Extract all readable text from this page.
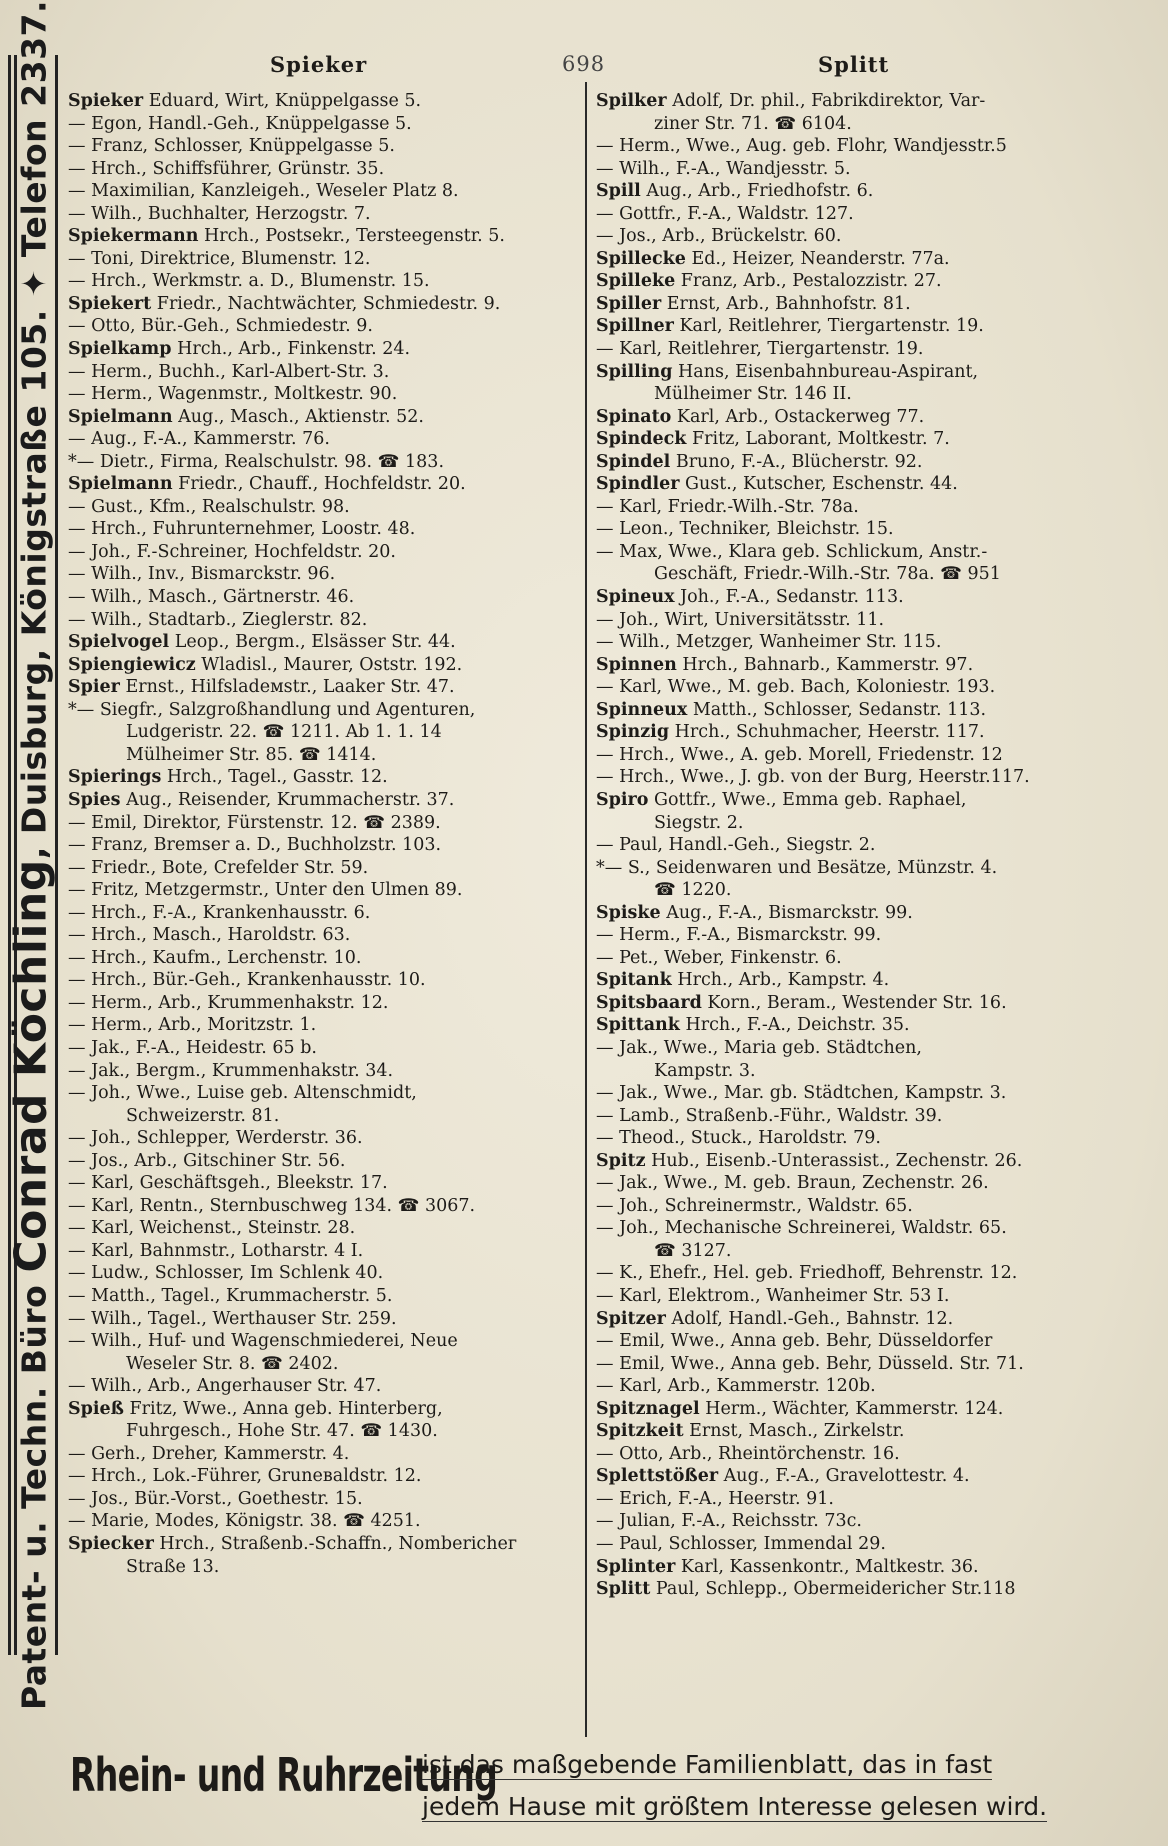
Patent- u. Techn. Büro Conrad Köchling, Duisburg, Königstraße 105. ✦ Telefon 2337.	Spieker	698	Splitt
Spieker Eduard, Wirt, Knüppelgasse 5.
— Egon, Handl.-Geh., Knüppelgasse 5.
— Franz, Schlosser, Knüppelgasse 5.
— Hrch., Schiffsführer, Grünstr. 35.
— Maximilian, Kanzleigeh., Weseler Platz 8.
— Wilh., Buchhalter, Herzogstr. 7.
Spiekermann Hrch., Postsekr., Tersteegenstr. 5.
— Toni, Direktrice, Blumenstr. 12.
— Hrch., Werkmstr. a. D., Blumenstr. 15.
Spiekert Friedr., Nachtwächter, Schmiedestr. 9.
— Otto, Bür.-Geh., Schmiedestr. 9.
Spielkamp Hrch., Arb., Finkenstr. 24.
— Herm., Buchh., Karl-Albert-Str. 3.
— Herm., Wagenmstr., Moltkestr. 90.
Spielmann Aug., Masch., Aktienstr. 52.
— Aug., F.-A., Kammerstr. 76.
*— Dietr., Firma, Realschulstr. 98. ☎ 183.
Spielmann Friedr., Chauff., Hochfeldstr. 20.
— Gust., Kfm., Realschulstr. 98.
— Hrch., Fuhrunternehmer, Loostr. 48.
— Joh., F.-Schreiner, Hochfeldstr. 20.
— Wilh., Inv., Bismarckstr. 96.
— Wilh., Masch., Gärtnerstr. 46.
— Wilh., Stadtarb., Zieglerstr. 82.
Spielvogel Leop., Bergm., Elsässer Str. 44.
Spiengiewicz Wladisl., Maurer, Oststr. 192.
Spier Ernst., Hilfsladeмstr., Laaker Str. 47.
*— Siegfr., Salzgroßhandlung und Agenturen,
Ludgeristr. 22. ☎ 1211. Ab 1. 1. 14
Mülheimer Str. 85. ☎ 1414.
Spierings Hrch., Tagel., Gasstr. 12.
Spies Aug., Reisender, Krummacherstr. 37.
— Emil, Direktor, Fürstenstr. 12. ☎ 2389.
— Franz, Bremser a. D., Buchholzstr. 103.
— Friedr., Bote, Crefelder Str. 59.
— Fritz, Metzgermstr., Unter den Ulmen 89.
— Hrch., F.-A., Krankenhausstr. 6.
— Hrch., Masch., Haroldstr. 63.
— Hrch., Kaufm., Lerchenstr. 10.
— Hrch., Bür.-Geh., Krankenhausstr. 10.
— Herm., Arb., Krummenhakstr. 12.
— Herm., Arb., Moritzstr. 1.
— Jak., F.-A., Heidestr. 65 b.
— Jak., Bergm., Krummenhakstr. 34.
— Joh., Wwe., Luise geb. Altenschmidt,
Schweizerstr. 81.
— Joh., Schlepper, Werderstr. 36.
— Jos., Arb., Gitschiner Str. 56.
— Karl, Geschäftsgeh., Bleekstr. 17.
— Karl, Rentn., Sternbuschweg 134. ☎ 3067.
— Karl, Weichenst., Steinstr. 28.
— Karl, Bahnmstr., Lotharstr. 4 I.
— Ludw., Schlosser, Im Schlenk 40.
— Matth., Tagel., Krummacherstr. 5.
— Wilh., Tagel., Werthauser Str. 259.
— Wilh., Huf- und Wagenschmiederei, Neue
Weseler Str. 8. ☎ 2402.
— Wilh., Arb., Angerhauser Str. 47.
Spieß Fritz, Wwe., Anna geb. Hinterberg,
Fuhrgesch., Hohe Str. 47. ☎ 1430.
— Gerh., Dreher, Kammerstr. 4.
— Hrch., Lok.-Führer, Gruneвaldstr. 12.
— Jos., Bür.-Vorst., Goethestr. 15.
— Marie, Modes, Königstr. 38. ☎ 4251.
Spiecker Hrch., Straßenb.-Schaffn., Nomberichег
Straße 13.
Spilker Adolf, Dr. phil., Fabrikdirektor, Var-
ziner Str. 71. ☎ 6104.
— Herm., Wwe., Aug. geb. Flohr, Wandjesstr.5
— Wilh., F.-A., Wandjesstr. 5.
Spill Aug., Arb., Friedhofstr. 6.
— Gottfr., F.-A., Waldstr. 127.
— Jos., Arb., Brückelstr. 60.
Spillecke Ed., Heizer, Neanderstr. 77a.
Spilleke Franz, Arb., Pestalozzistr. 27.
Spiller Ernst, Arb., Bahnhofstr. 81.
Spillner Karl, Reitlehrer, Tiergartenstr. 19.
— Karl, Reitlehrer, Tiergartenstr. 19.
Spilling Hans, Eisenbahnbureau-Aspirant,
Mülheimer Str. 146 II.
Spinato Karl, Arb., Ostackerweg 77.
Spindeck Fritz, Laborant, Moltkestr. 7.
Spindel Bruno, F.-A., Blücherstr. 92.
Spindler Gust., Kutscher, Eschenstr. 44.
— Karl, Friedr.-Wilh.-Str. 78a.
— Leon., Techniker, Bleichstr. 15.
— Max, Wwe., Klara geb. Schlickum, Anstr.-
Geschäft, Friedr.-Wilh.-Str. 78a. ☎ 951
Spineux Joh., F.-A., Sedanstr. 113.
— Joh., Wirt, Universitätsstr. 11.
— Wilh., Metzger, Wanheimer Str. 115.
Spinnen Hrch., Bahnarb., Kammerstr. 97.
— Karl, Wwe., M. geb. Bach, Koloniestr. 193.
Spinneux Matth., Schlosser, Sedanstr. 113.
Spinzig Hrch., Schuhmacher, Heerstr. 117.
— Hrch., Wwe., A. geb. Morell, Friedenstr. 12
— Hrch., Wwe., J. gb. von der Burg, Heerstr.117.
Spiro Gottfr., Wwe., Emma geb. Raphael,
Siegstr. 2.
— Paul, Handl.-Geh., Siegstr. 2.
*— S., Seidenwaren und Besätze, Münzstr. 4.
☎ 1220.
Spiske Aug., F.-A., Bismarckstr. 99.
— Herm., F.-A., Bismarckstr. 99.
— Pet., Weber, Finkenstr. 6.
Spitank Hrch., Arb., Kampstr. 4.
Spitsbaard Korn., Beram., Westender Str. 16.
Spittank Hrch., F.-A., Deichstr. 35.
— Jak., Wwe., Maria geb. Städtchen,
Kampstr. 3.
— Jak., Wwe., Mar. gb. Städtchen, Kampstr. 3.
— Lamb., Straßenb.-Führ., Waldstr. 39.
— Theod., Stuck., Haroldstr. 79.
Spitz Hub., Eisenb.-Unterassist., Zechenstr. 26.
— Jak., Wwe., M. geb. Braun, Zechenstr. 26.
— Joh., Schreinermstr., Waldstr. 65.
— Joh., Mechanische Schreinerei, Waldstr. 65.
☎ 3127.
— K., Ehefr., Hel. geb. Friedhoff, Behrenstr. 12.
— Karl, Elektrom., Wanheimer Str. 53 I.
Spitzer Adolf, Handl.-Geh., Bahnstr. 12.
— Emil, Wwe., Anna geb. Behr, Düsseldorfer
— Emil, Wwe., Anna geb. Behr, Düsseld. Str. 71.
— Karl, Arb., Kammerstr. 120b.
Spitznagel Herm., Wächter, Kammerstr. 124.
Spitzkeit Ernst, Masch., Zirkelstr.
— Otto, Arb., Rheintörchenstr. 16.
Splettstößer Aug., F.-A., Gravelottestr. 4.
— Erich, F.-A., Heerstr. 91.
— Julian, F.-A., Reichsstr. 73c.
— Paul, Schlosser, Immendal 29.
Splinter Karl, Kassenkontr., Maltkestr. 36.
Splitt Paul, Schlepp., Obermeidericher Str.118
Rhein- und Ruhrzeitung
ist das maßgebende Familienblatt, das in fast
jedem Hause mit größtem Interesse gelesen wird.
